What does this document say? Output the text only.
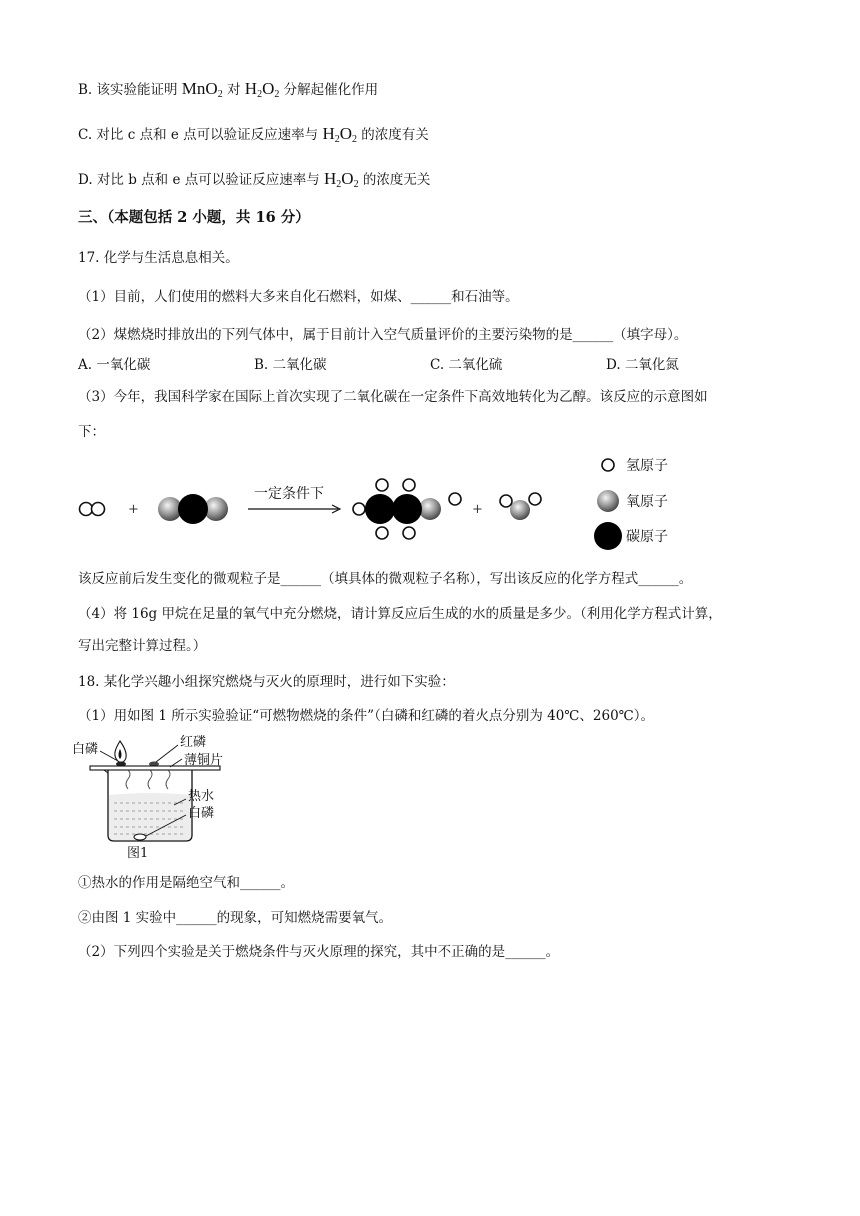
B. 该实验能证明 MnO$_2$ 对 $H_2O_2$ 分解起催化作用
C. 对比 c 点和 e 点可以验证反应速率与 $H_2O_2$ 的浓度有关
D. 对比 b 点和 e 点可以验证反应速率与 $H_2O_2$ 的浓度无关
三、（本题包括 2 小题，共 16 分）
17. 化学与生活息息相关。
（1）目前，人们使用的燃料大多来自化石燃料，如煤、______和石油等。
（2）煤燃烧时排放出的下列气体中，属于目前计入空气质量评价的主要污染物的是______（填字母）。
A. 一氧化碳	B. 二氧化碳	C. 二氧化硫	D. 二氧化氮
（3）今年，我国科学家在国际上首次实现了二氧化碳在一定条件下高效地转化为乙醇。该反应的示意图如
下：
+
一定条件下
+
氢原子
氧原子
碳原子
该反应前后发生变化的微观粒子是______（填具体的微观粒子名称），写出该反应的化学方程式______。
（4）将 16g 甲烷在足量的氧气中充分燃烧，请计算反应后生成的水的质量是多少。（利用化学方程式计算，
写出完整计算过程。）
18. 某化学兴趣小组探究燃烧与灭火的原理时，进行如下实验：
（1）用如图 1 所示实验验证“可燃物燃烧的条件”（白磷和红磷的着火点分别为 40℃、260℃）。
白磷	红磷
薄铜片
热水
白磷
图1
①热水的作用是隔绝空气和______。
②由图 1 实验中______的现象，可知燃烧需要氧气。
（2）下列四个实验是关于燃烧条件与灭火原理的探究，其中不正确的是______。
